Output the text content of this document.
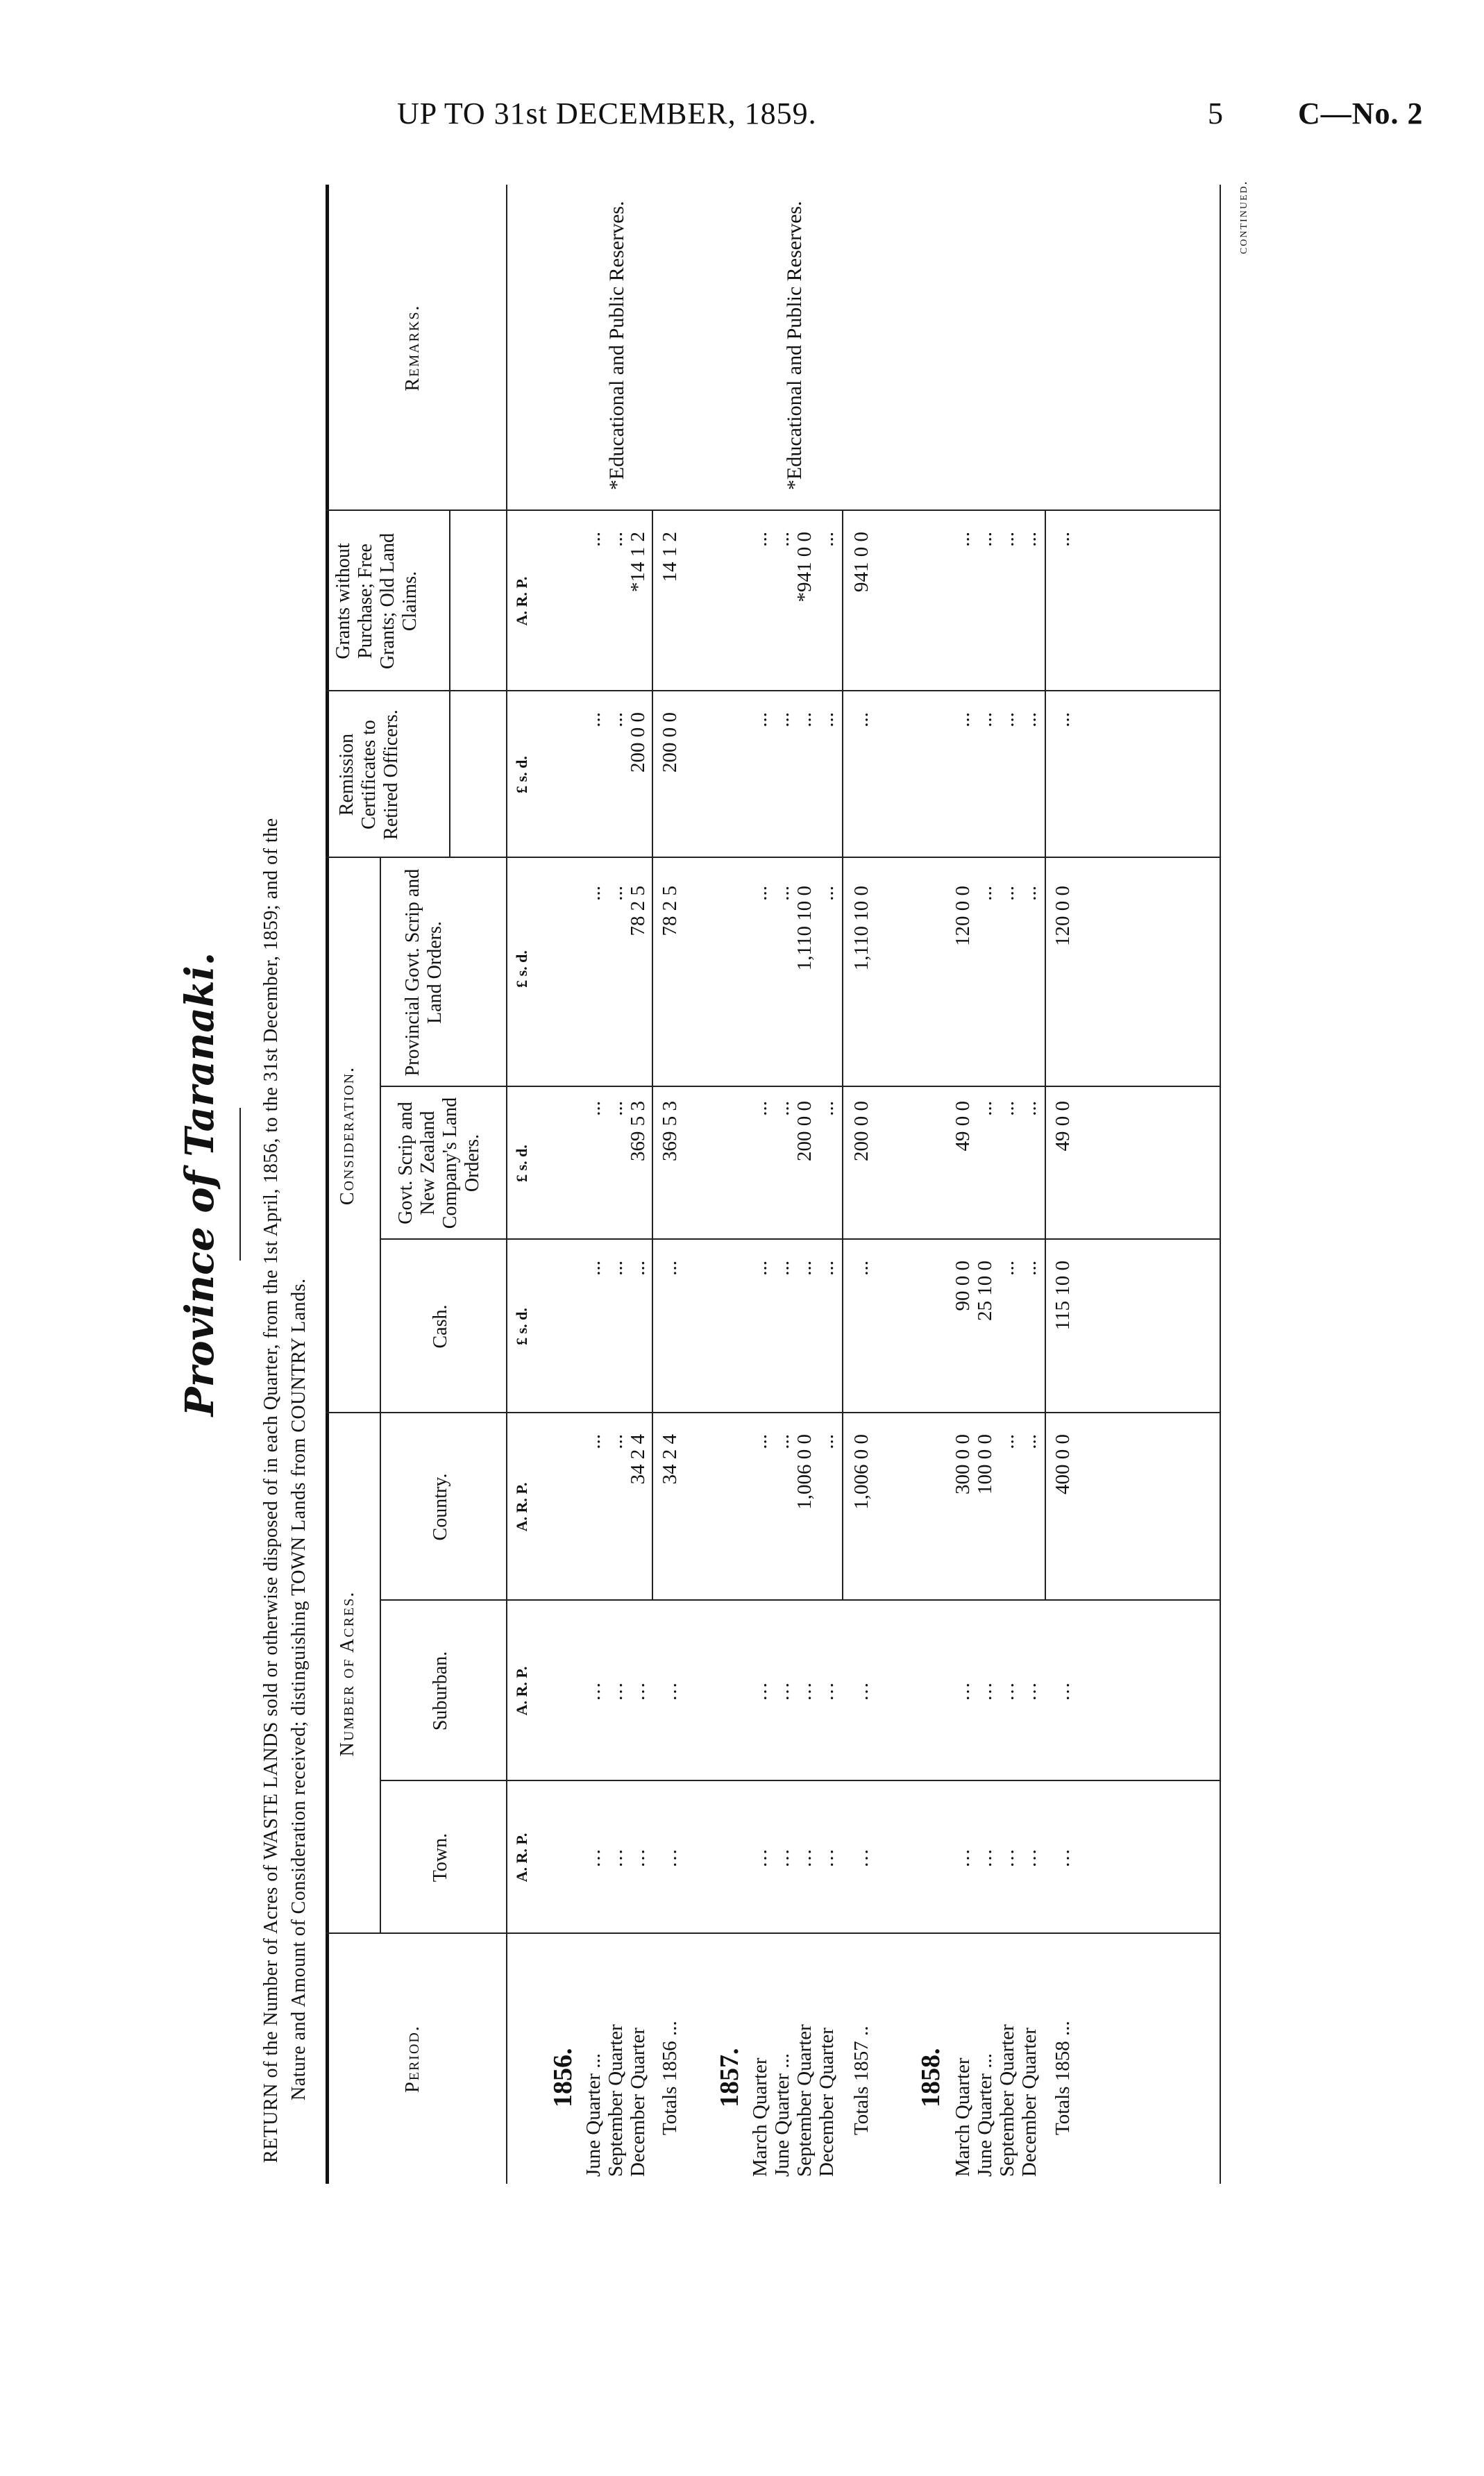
UP TO 31st DECEMBER, 1859.	5 C—No. 2
Province of Taranaki. RETURN of the Number of Acres of WASTE LANDS sold or otherwise disposed of in each Quarter, from the 1st April, 1856, to the 31st December, 1859; and of the Nature and Amount of Consideration received; distinguishing TOWN Lands from COUNTRY Lands.	Period.
Number of Acres.
Consideration.
Town.
Suburban.
Country.
Cash.
Govt. Scrip and New Zealand Company's Land Orders.
Provincial Govt. Scrip and Land Orders.
Remission Certificates to Retired Officers.
Grants without Purchase; Free Grants; Old Land Claims.
Remarks.
A. R. P.
A. R. P.
A. R. P.
£ s. d.
£ s. d.
£ s. d.
£ s. d.
A. R. P.
1856. June Quarter ... September Quarter December Quarter Totals 1856 ...
... ... ... ...
... ... ... ...
... ... 34 2 4 34 2 4
... ... ... ...
... ... 369 5 3 369 5 3
... ... 78 2 5 78 2 5
... ... 200 0 0 200 0 0
... ... *14 1 2 14 1 2
*Educational and Public Reserves.
1857. March Quarter June Quarter ... September Quarter December Quarter Totals 1857 ..
... ... ... ... ...
... ... ... ... ...
... ... 1,006 0 0 ... 1,006 0 0
... ... ... ... ...
... ... 200 0 0 ... 200 0 0
... ... 1,110 10 0 ... 1,110 10 0
... ... ... ... ...
... ... *941 0 0 ... 941 0 0
*Educational and Public Reserves.
1858. March Quarter June Quarter ... September Quarter December Quarter Totals 1858 ...
... ... ... ... ...
... ... ... ... ...
300 0 0 100 0 0 ... ... 400 0 0
90 0 0 25 10 0 ... ... 115 10 0
49 0 0 ... ... ... 49 0 0
120 0 0 ... ... ... 120 0 0
... ... ... ... ...
... ... ... ... ...
continued.
